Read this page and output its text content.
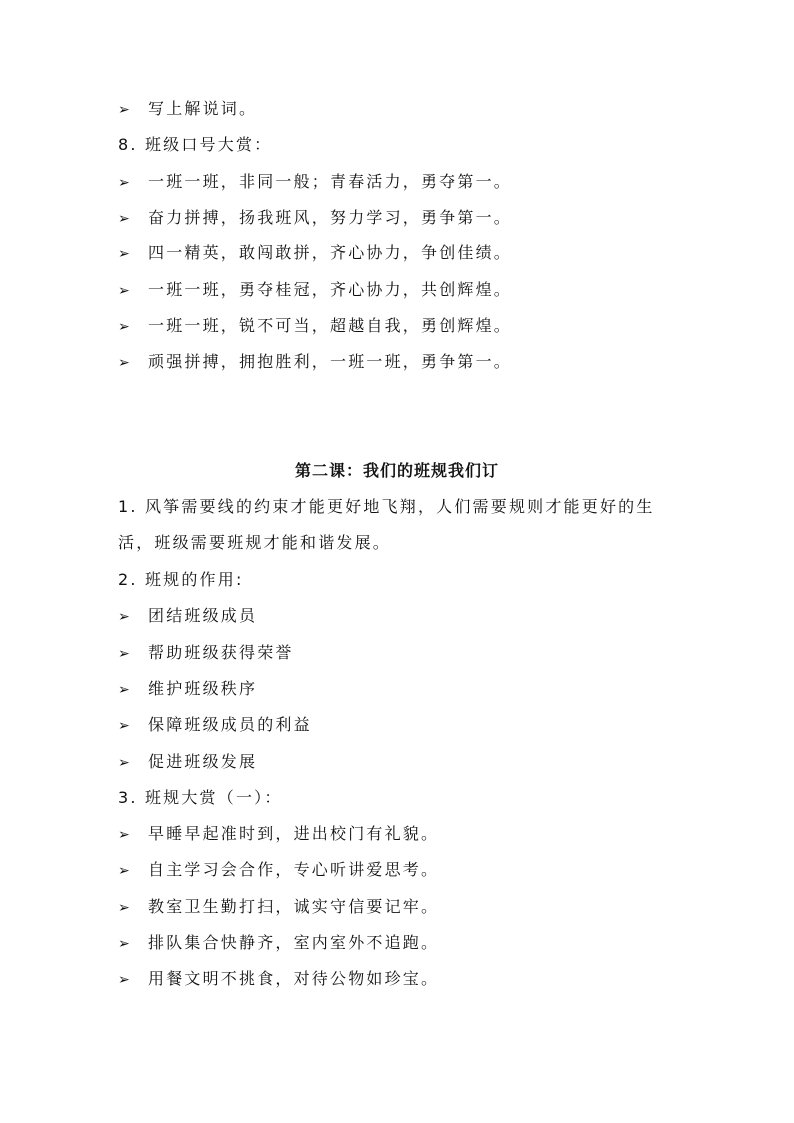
➢ 写上解说词。
8. 班级口号大赏：
➢ 一班一班，非同一般；青春活力，勇夺第一。
➢ 奋力拼搏，扬我班风，努力学习，勇争第一。
➢ 四一精英，敢闯敢拼，齐心协力，争创佳绩。
➢ 一班一班，勇夺桂冠，齐心协力，共创辉煌。
➢ 一班一班，锐不可当，超越自我，勇创辉煌。
➢ 顽强拼搏，拥抱胜利，一班一班，勇争第一。
第二课：我们的班规我们订
1. 风筝需要线的约束才能更好地飞翔，人们需要规则才能更好的生活，班级需要班规才能和谐发展。
2. 班规的作用:
➢ 团结班级成员
➢ 帮助班级获得荣誉
➢ 维护班级秩序
➢ 保障班级成员的利益
➢ 促进班级发展
3. 班规大赏（一）：
➢ 早睡早起准时到，进出校门有礼貌。
➢ 自主学习会合作，专心听讲爱思考。
➢ 教室卫生勤打扫，诚实守信要记牢。
➢ 排队集合快静齐，室内室外不追跑。
➢ 用餐文明不挑食，对待公物如珍宝。
